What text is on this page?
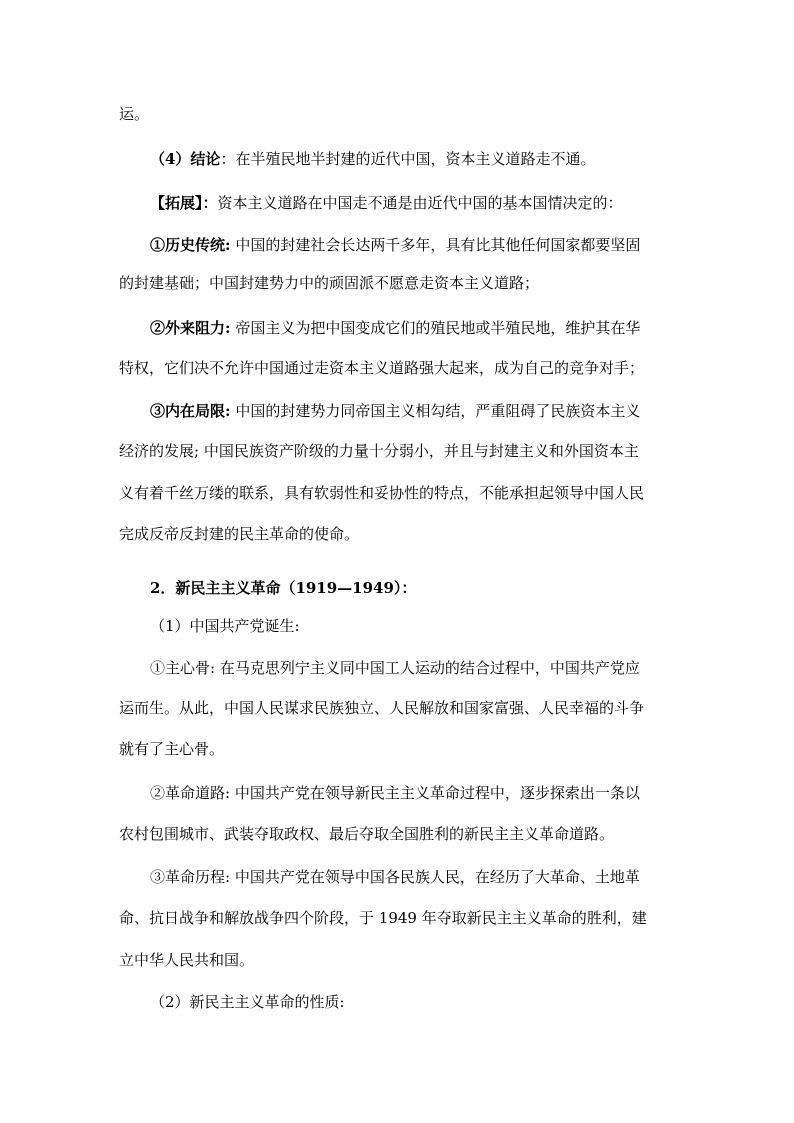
运。
（4）结论：在半殖民地半封建的近代中国，资本主义道路走不通。
【拓展】：资本主义道路在中国走不通是由近代中国的基本国情决定的：
①历史传统: 中国的封建社会长达两千多年，具有比其他任何国家都要坚固
的封建基础；中国封建势力中的顽固派不愿意走资本主义道路；
②外来阻力: 帝国主义为把中国变成它们的殖民地或半殖民地，维护其在华
特权，它们决不允许中国通过走资本主义道路强大起来，成为自己的竞争对手；
③内在局限: 中国的封建势力同帝国主义相勾结，严重阻碍了民族资本主义
经济的发展; 中国民族资产阶级的力量十分弱小，并且与封建主义和外国资本主
义有着千丝万缕的联系，具有软弱性和妥协性的特点，不能承担起领导中国人民
完成反帝反封建的民主革命的使命。
2．新民主主义革命（1919—1949）：
（1）中国共产党诞生:
①主心骨: 在马克思列宁主义同中国工人运动的结合过程中，中国共产党应
运而生。从此，中国人民谋求民族独立、人民解放和国家富强、人民幸福的斗争
就有了主心骨。
②革命道路: 中国共产党在领导新民主主义革命过程中，逐步探索出一条以
农村包围城市、武装夺取政权、最后夺取全国胜利的新民主主义革命道路。
③革命历程: 中国共产党在领导中国各民族人民，在经历了大革命、土地革
命、抗日战争和解放战争四个阶段，于 1949 年夺取新民主主义革命的胜利，建
立中华人民共和国。
（2）新民主主义革命的性质:
